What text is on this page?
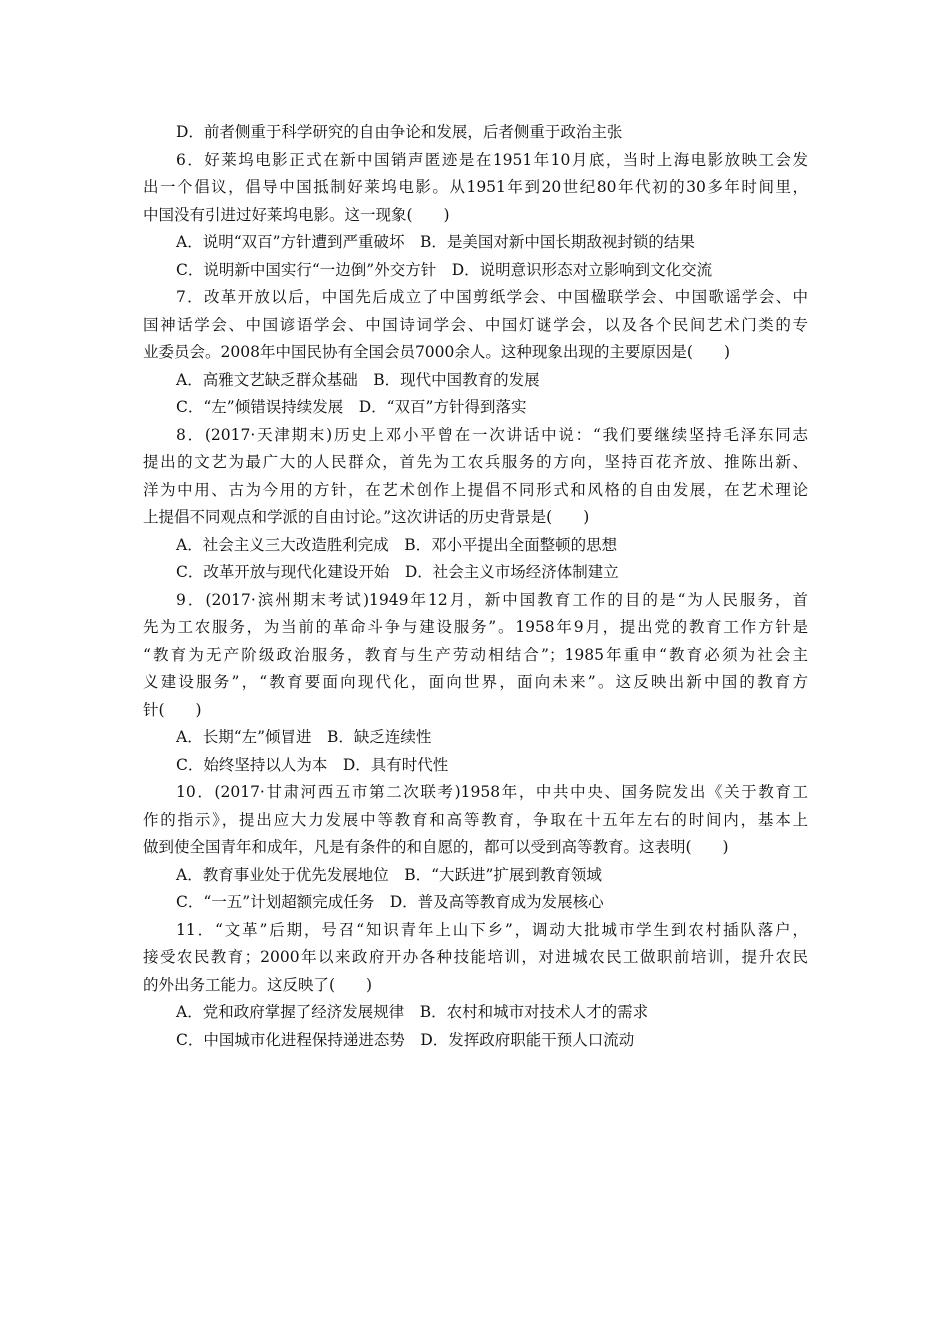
D．前者侧重于科学研究的自由争论和发展，后者侧重于政治主张
6．好莱坞电影正式在新中国销声匿迹是在1951年10月底，当时上海电影放映工会发
出一个倡议，倡导中国抵制好莱坞电影。从1951年到20世纪80年代初的30多年时间里，
中国没有引进过好莱坞电影。这一现象(　　)
A．说明“双百”方针遭到严重破坏　B．是美国对新中国长期敌视封锁的结果
C．说明新中国实行“一边倒”外交方针　D．说明意识形态对立影响到文化交流
7．改革开放以后，中国先后成立了中国剪纸学会、中国楹联学会、中国歌谣学会、中
国神话学会、中国谚语学会、中国诗词学会、中国灯谜学会，以及各个民间艺术门类的专
业委员会。2008年中国民协有全国会员7000余人。这种现象出现的主要原因是(　　)
A．高雅文艺缺乏群众基础　B．现代中国教育的发展
C．“左”倾错误持续发展　D．“双百”方针得到落实
8．(2017·天津期末)历史上邓小平曾在一次讲话中说：“我们要继续坚持毛泽东同志
提出的文艺为最广大的人民群众，首先为工农兵服务的方向，坚持百花齐放、推陈出新、
洋为中用、古为今用的方针，在艺术创作上提倡不同形式和风格的自由发展，在艺术理论
上提倡不同观点和学派的自由讨论。”这次讲话的历史背景是(　　)
A．社会主义三大改造胜利完成　B．邓小平提出全面整顿的思想
C．改革开放与现代化建设开始　D．社会主义市场经济体制建立
9．(2017·滨州期末考试)1949年12月，新中国教育工作的目的是“为人民服务，首
先为工农服务，为当前的革命斗争与建设服务”。1958年9月，提出党的教育工作方针是
“教育为无产阶级政治服务，教育与生产劳动相结合”；1985年重申“教育必须为社会主
义建设服务”，“教育要面向现代化，面向世界，面向未来”。这反映出新中国的教育方
针(　　)
A．长期“左”倾冒进　B．缺乏连续性
C．始终坚持以人为本　D．具有时代性
10．(2017·甘肃河西五市第二次联考)1958年，中共中央、国务院发出《关于教育工
作的指示》，提出应大力发展中等教育和高等教育，争取在十五年左右的时间内，基本上
做到使全国青年和成年，凡是有条件的和自愿的，都可以受到高等教育。这表明(　　)
A．教育事业处于优先发展地位　B．“大跃进”扩展到教育领域
C．“一五”计划超额完成任务　D．普及高等教育成为发展核心
11．“文革”后期，号召“知识青年上山下乡”，调动大批城市学生到农村插队落户，
接受农民教育；2000年以来政府开办各种技能培训，对进城农民工做职前培训，提升农民
的外出务工能力。这反映了(　　)
A．党和政府掌握了经济发展规律　B．农村和城市对技术人才的需求
C．中国城市化进程保持递进态势　D．发挥政府职能干预人口流动
